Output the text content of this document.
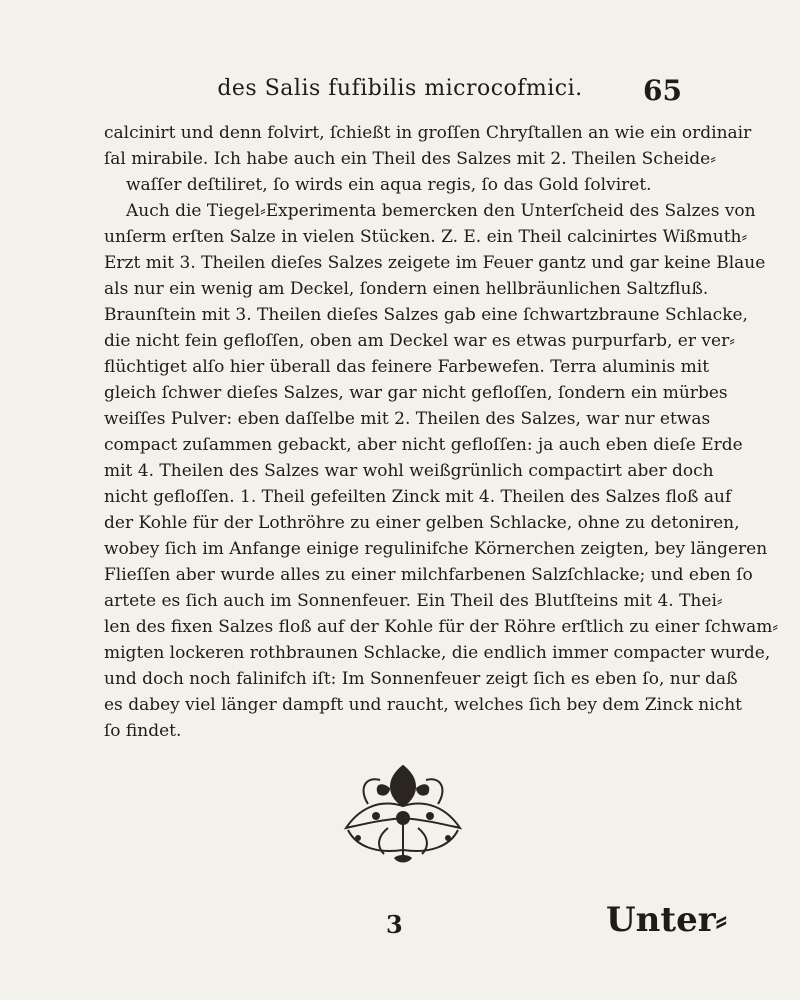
des Salis fufibilis microcofmici.	65
calcinirt und denn folvirt, ſchießt in groſſen Chryſtallen an wie ein ordinair
ſal mirabile. Ich habe auch ein Theil des Salzes mit 2. Theilen Scheide⸗
waſſer deſtiliret, ſo wirds ein aqua regis, ſo das Gold ſolviret.
Auch die Tiegel⸗Experimenta bemercken den Unterſcheid des Salzes von
unſerm erſten Salze in vielen Stücken. Z. E. ein Theil calcinirtes Wißmuth⸗
Erzt mit 3. Theilen dieſes Salzes zeigete im Feuer gantz und gar keine Blaue
als nur ein wenig am Deckel, ſondern einen hellbräunlichen Saltzfluß.
Braunſtein mit 3. Theilen dieſes Salzes gab eine ſchwartzbraune Schlacke,
die nicht fein gefloſſen, oben am Deckel war es etwas purpurfarb, er ver⸗
flüchtiget alſo hier überall das feinere Farbewefen. Terra aluminis mit
gleich ſchwer dieſes Salzes, war gar nicht gefloſſen, ſondern ein mürbes
weiſſes Pulver: eben daſſelbe mit 2. Theilen des Salzes, war nur etwas
compact zuſammen gebackt, aber nicht gefloſſen: ja auch eben dieſe Erde
mit 4. Theilen des Salzes war wohl weißgrünlich compactirt aber doch
nicht gefloſſen. 1. Theil gefeilten Zinck mit 4. Theilen des Salzes floß auf
der Kohle für der Lothröhre zu einer gelben Schlacke, ohne zu detoniren,
wobey ſich im Anfange einige regulinifche Körnerchen zeigten, bey längeren
Flieſſen aber wurde alles zu einer milchfarbenen Salzſchlacke; und eben ſo
artete es ſich auch im Sonnenfeuer. Ein Theil des Blutſteins mit 4. Thei⸗
len des fixen Salzes floß auf der Kohle für der Röhre erſtlich zu einer ſchwam⸗
migten lockeren rothbraunen Schlacke, die endlich immer compacter wurde,
und doch noch falinifch iſt: Im Sonnenfeuer zeigt ſich es eben ſo, nur daß
es dabey viel länger dampft und raucht, welches ſich bey dem Zinck nicht
ſo findet.
3	Unter⸗
